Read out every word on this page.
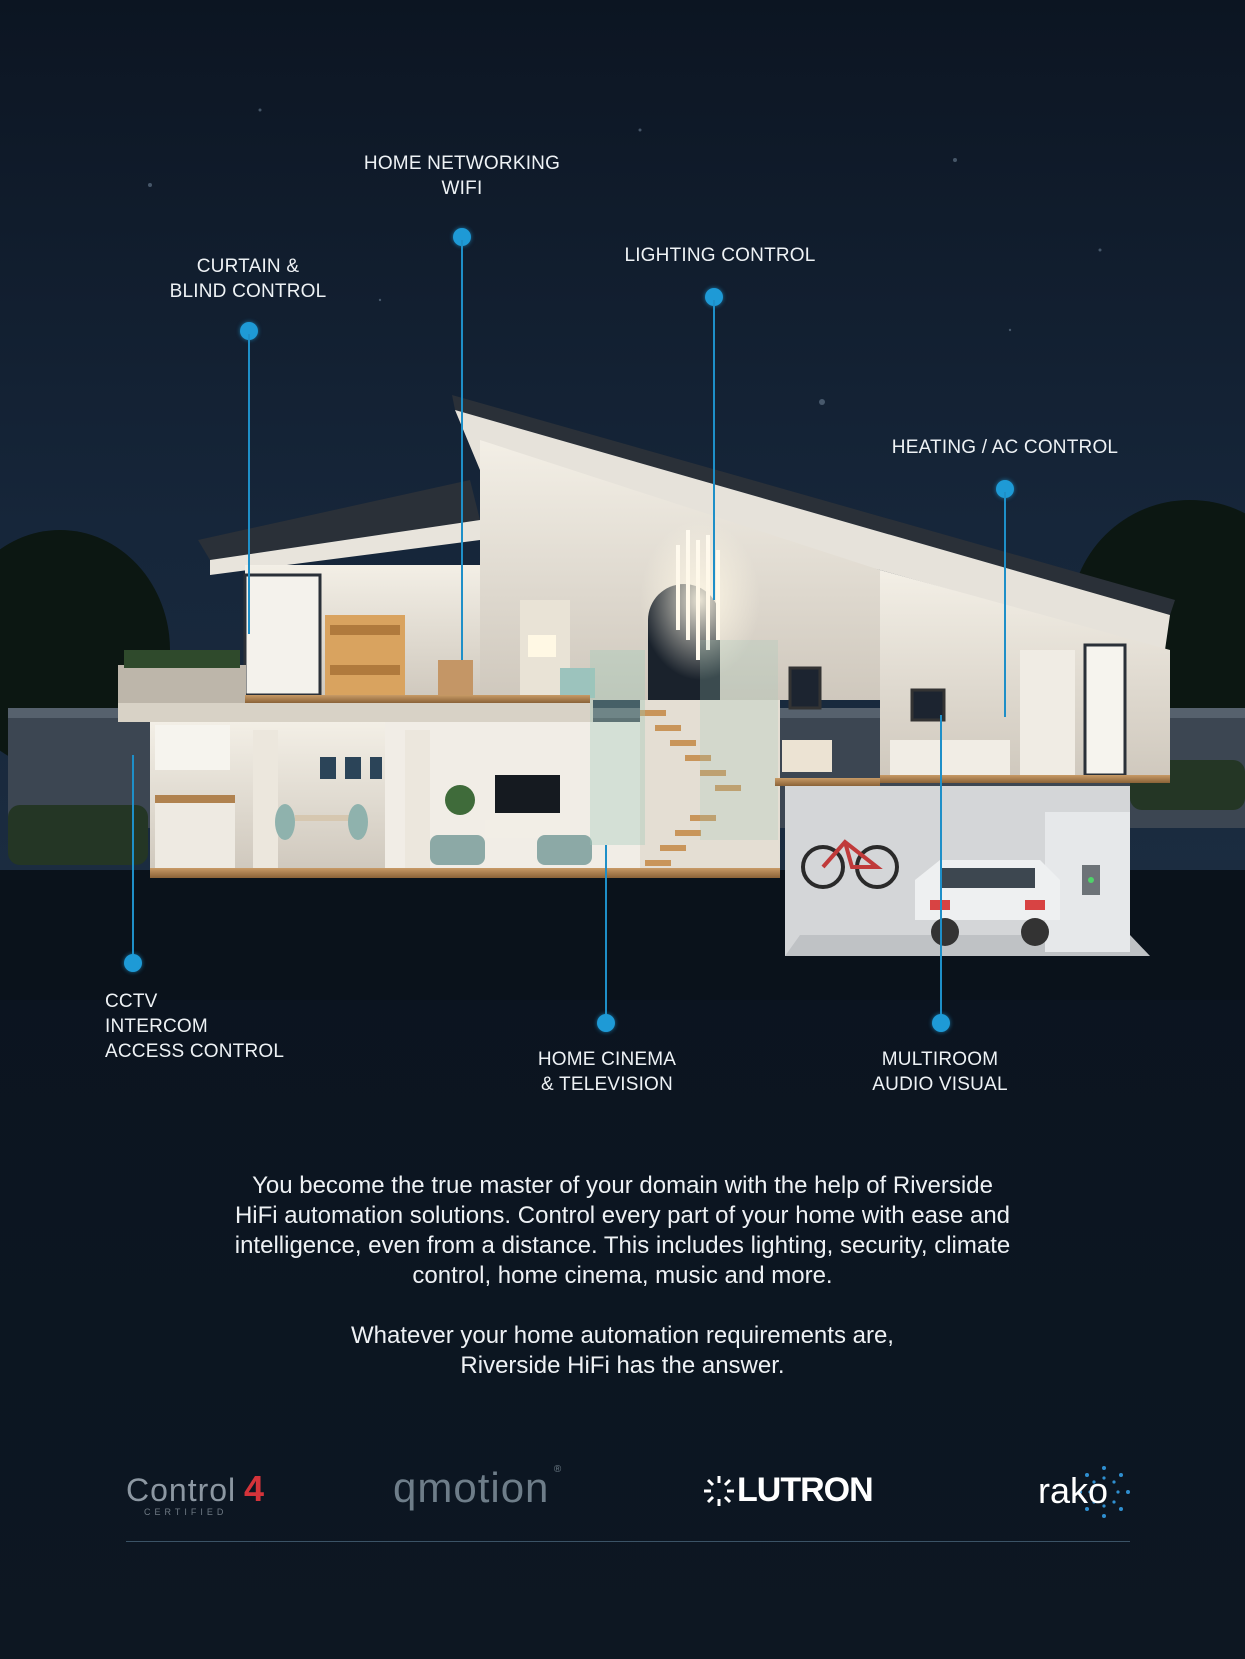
HOME NETWORKING
WIFI
CURTAIN &
BLIND CONTROL
LIGHTING CONTROL
HEATING / AC CONTROL
CCTV
INTERCOM
ACCESS CONTROL	HOME CINEMA
& TELEVISION
MULTIROOM
AUDIO VISUAL
You become the true master of your domain with the help of Riverside
HiFi automation solutions. Control every part of your home with ease and
intelligence, even from a distance. This includes lighting, security, climate
control, home cinema, music and more.
Whatever your home automation requirements are,
Riverside HiFi has the answer.
Control 4
CERTIFIED
qmotion ®
LUTRON	rako
